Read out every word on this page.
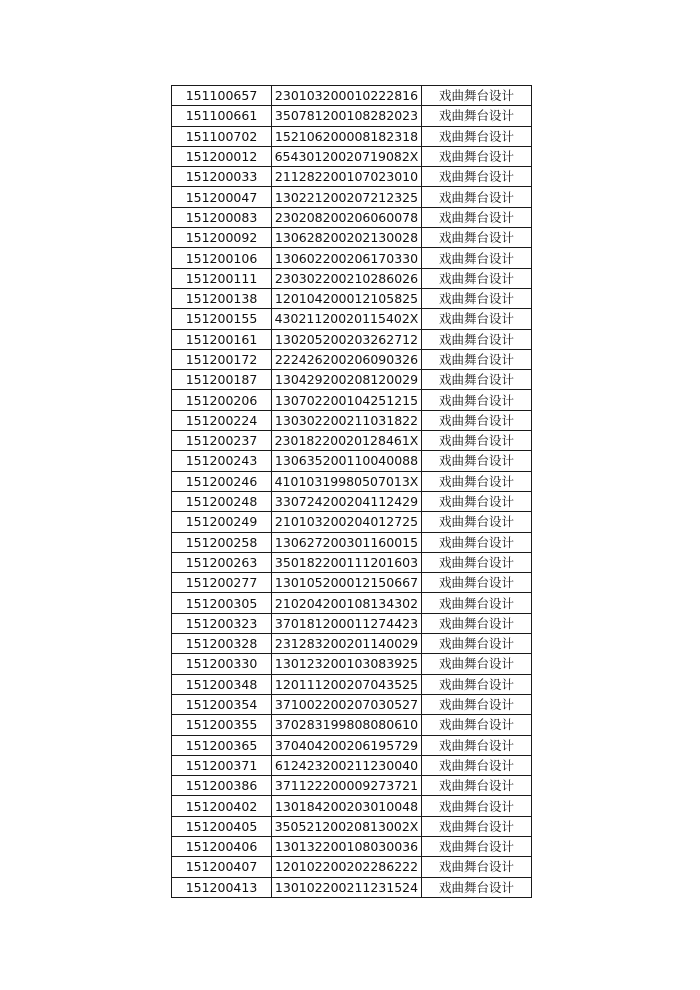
151100657	230103200010222816	戏曲舞台设计
151100661	350781200108282023	戏曲舞台设计
151100702	152106200008182318	戏曲舞台设计
151200012	65430120020719082X	戏曲舞台设计
151200033	211282200107023010	戏曲舞台设计
151200047	130221200207212325	戏曲舞台设计
151200083	230208200206060078	戏曲舞台设计
151200092	130628200202130028	戏曲舞台设计
151200106	130602200206170330	戏曲舞台设计
151200111	230302200210286026	戏曲舞台设计
151200138	120104200012105825	戏曲舞台设计
151200155	43021120020115402X	戏曲舞台设计
151200161	130205200203262712	戏曲舞台设计
151200172	222426200206090326	戏曲舞台设计
151200187	130429200208120029	戏曲舞台设计
151200206	130702200104251215	戏曲舞台设计
151200224	130302200211031822	戏曲舞台设计
151200237	23018220020128461X	戏曲舞台设计
151200243	130635200110040088	戏曲舞台设计
151200246	41010319980507013X	戏曲舞台设计
151200248	330724200204112429	戏曲舞台设计
151200249	210103200204012725	戏曲舞台设计
151200258	130627200301160015	戏曲舞台设计
151200263	350182200111201603	戏曲舞台设计
151200277	130105200012150667	戏曲舞台设计
151200305	210204200108134302	戏曲舞台设计
151200323	370181200011274423	戏曲舞台设计
151200328	231283200201140029	戏曲舞台设计
151200330	130123200103083925	戏曲舞台设计
151200348	120111200207043525	戏曲舞台设计
151200354	371002200207030527	戏曲舞台设计
151200355	370283199808080610	戏曲舞台设计
151200365	370404200206195729	戏曲舞台设计
151200371	612423200211230040	戏曲舞台设计
151200386	371122200009273721	戏曲舞台设计
151200402	130184200203010048	戏曲舞台设计
151200405	35052120020813002X	戏曲舞台设计
151200406	130132200108030036	戏曲舞台设计
151200407	120102200202286222	戏曲舞台设计
151200413	130102200211231524	戏曲舞台设计
